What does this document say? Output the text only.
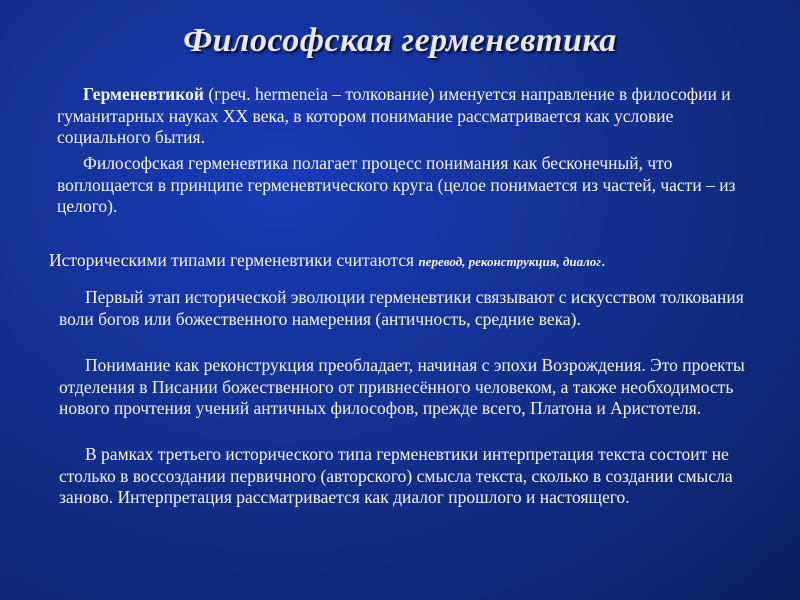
Философская герменевтика

Герменевтикой (греч. hermeneia – толкование) именуется направление в философии и гуманитарных науках XX века, в котором понимание рассматривается как условие социального бытия.

Философская герменевтика полагает процесс понимания как бесконечный, что воплощается в принципе герменевтического круга (целое понимается из частей, части – из целого).

Историческими типами герменевтики считаются перевод, реконструкция, диалог.

Первый этап исторической эволюции герменевтики связывают с искусством толкования воли богов или божественного намерения (античность, средние века).

Понимание как реконструкция преобладает, начиная с эпохи Возрождения. Это проекты отделения в Писании божественного от привнесённого человеком, а также необходимость нового прочтения учений античных философов, прежде всего, Платона и Аристотеля.

В рамках третьего исторического типа герменевтики интерпретация текста состоит не столько в воссоздании первичного (авторского) смысла текста, сколько в создании смысла заново. Интерпретация рассматривается как диалог прошлого и настоящего.
